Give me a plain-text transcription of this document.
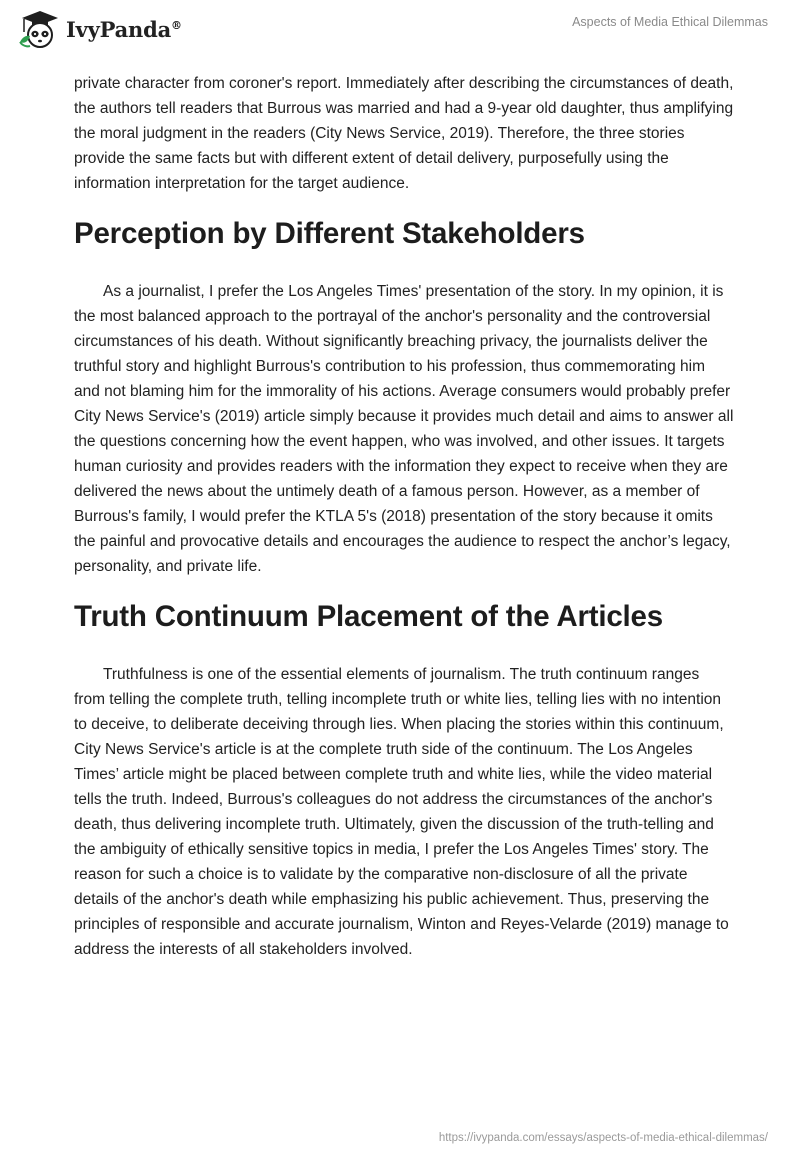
IvyPanda®	Aspects of Media Ethical Dilemmas

private character from coroner's report. Immediately after describing the circumstances of death, the authors tell readers that Burrous was married and had a 9-year old daughter, thus amplifying the moral judgment in the readers (City News Service, 2019). Therefore, the three stories provide the same facts but with different extent of detail delivery, purposefully using the information interpretation for the target audience.

Perception by Different Stakeholders

As a journalist, I prefer the Los Angeles Times' presentation of the story. In my opinion, it is the most balanced approach to the portrayal of the anchor's personality and the controversial circumstances of his death. Without significantly breaching privacy, the journalists deliver the truthful story and highlight Burrous's contribution to his profession, thus commemorating him and not blaming him for the immorality of his actions. Average consumers would probably prefer City News Service's (2019) article simply because it provides much detail and aims to answer all the questions concerning how the event happen, who was involved, and other issues. It targets human curiosity and provides readers with the information they expect to receive when they are delivered the news about the untimely death of a famous person. However, as a member of Burrous's family, I would prefer the KTLA 5's (2018) presentation of the story because it omits the painful and provocative details and encourages the audience to respect the anchor’s legacy, personality, and private life.

Truth Continuum Placement of the Articles

Truthfulness is one of the essential elements of journalism. The truth continuum ranges from telling the complete truth, telling incomplete truth or white lies, telling lies with no intention to deceive, to deliberate deceiving through lies. When placing the stories within this continuum, City News Service's article is at the complete truth side of the continuum. The Los Angeles Times’ article might be placed between complete truth and white lies, while the video material tells the truth. Indeed, Burrous's colleagues do not address the circumstances of the anchor's death, thus delivering incomplete truth. Ultimately, given the discussion of the truth-telling and the ambiguity of ethically sensitive topics in media, I prefer the Los Angeles Times' story. The reason for such a choice is to validate by the comparative non-disclosure of all the private details of the anchor's death while emphasizing his public achievement. Thus, preserving the principles of responsible and accurate journalism, Winton and Reyes-Velarde (2019) manage to address the interests of all stakeholders involved.

https://ivypanda.com/essays/aspects-of-media-ethical-dilemmas/
